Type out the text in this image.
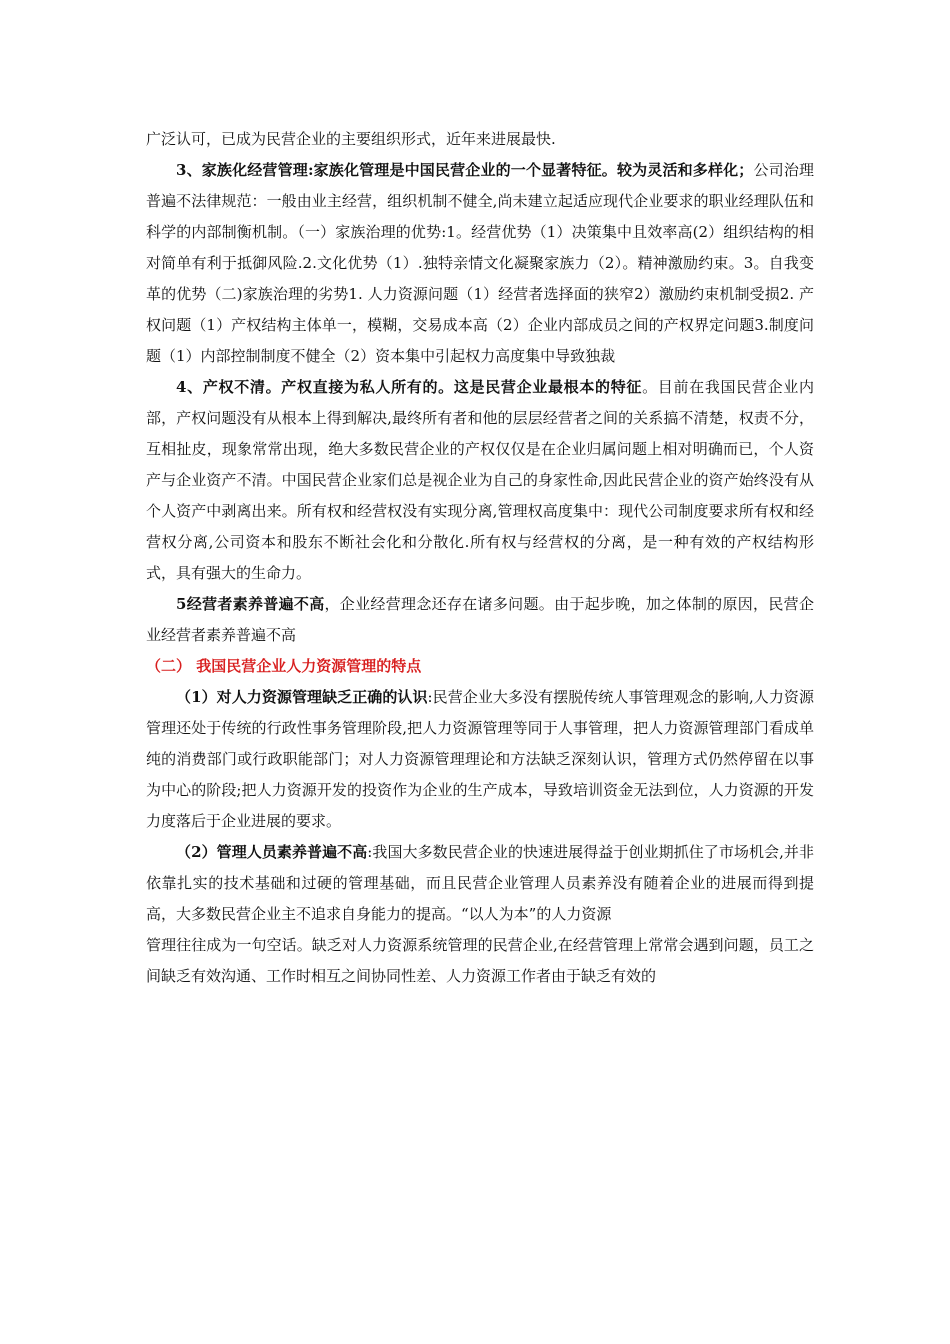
广泛认可，已成为民营企业的主要组织形式，近年来进展最快.

3、家族化经营管理:家族化管理是中国民营企业的一个显著特征。较为灵活和多样化；公司治理普遍不法律规范：一般由业主经营，组织机制不健全,尚未建立起适应现代企业要求的职业经理队伍和科学的内部制衡机制。（一）家族治理的优势:1。经营优势（1）决策集中且效率高(2）组织结构的相对简单有利于抵御风险.2.文化优势（1）.独特亲情文化凝聚家族力（2）。精神激励约束。3。自我变革的优势（二)家族治理的劣势1. 人力资源问题（1）经营者选择面的狭窄2）激励约束机制受损2. 产权问题（1）产权结构主体单一，模糊，交易成本高（2）企业内部成员之间的产权界定问题3.制度问题（1）内部控制制度不健全（2）资本集中引起权力高度集中导致独裁

4、产权不清。产权直接为私人所有的。这是民营企业最根本的特征。目前在我国民营企业内部，产权问题没有从根本上得到解决,最终所有者和他的层层经营者之间的关系搞不清楚，权责不分，互相扯皮，现象常常出现，绝大多数民营企业的产权仅仅是在企业归属问题上相对明确而已，个人资产与企业资产不清。中国民营企业家们总是视企业为自己的身家性命,因此民营企业的资产始终没有从个人资产中剥离出来。所有权和经营权没有实现分离,管理权高度集中：现代公司制度要求所有权和经营权分离,公司资本和股东不断社会化和分散化.所有权与经营权的分离，是一种有效的产权结构形式，具有强大的生命力。

5经营者素养普遍不高，企业经营理念还存在诸多问题。由于起步晚，加之体制的原因，民营企业经营者素养普遍不高

（二） 我国民营企业人力资源管理的特点

（1）对人力资源管理缺乏正确的认识:民营企业大多没有摆脱传统人事管理观念的影响,人力资源管理还处于传统的行政性事务管理阶段,把人力资源管理等同于人事管理，把人力资源管理部门看成单纯的消费部门或行政职能部门；对人力资源管理理论和方法缺乏深刻认识，管理方式仍然停留在以事为中心的阶段;把人力资源开发的投资作为企业的生产成本，导致培训资金无法到位，人力资源的开发力度落后于企业进展的要求。

（2）管理人员素养普遍不高:我国大多数民营企业的快速进展得益于创业期抓住了市场机会,并非依靠扎实的技术基础和过硬的管理基础，而且民营企业管理人员素养没有随着企业的进展而得到提高，大多数民营企业主不追求自身能力的提高。“以人为本”的人力资源

管理往往成为一句空话。缺乏对人力资源系统管理的民营企业,在经营管理上常常会遇到问题，员工之间缺乏有效沟通、工作时相互之间协同性差、人力资源工作者由于缺乏有效的
